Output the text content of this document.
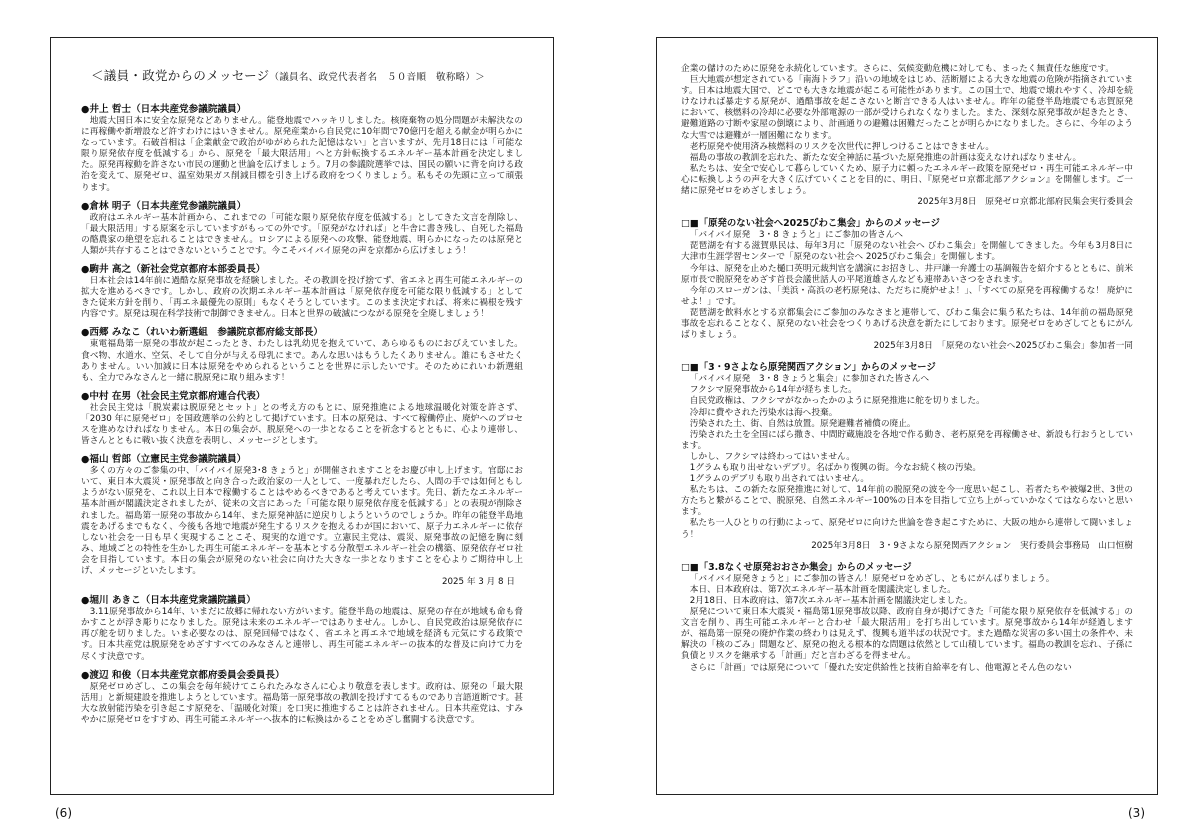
＜議員・政党からのメッセージ（議員名、政党代表者名　５０音順　敬称略）＞
●井上 哲士（日本共産党参議院議員）

地震大国日本に安全な原発などありません。能登地震でハッキリしました。核廃棄物の処分問題が未解決なのに再稼働や新増設など許すわけにはいきません。原発産業から自民党に10年間で70億円を超える献金が明らかになっています。石破首相は「企業献金で政治がゆがめられた記憶はない」と言いますが、先月18日には「可能な限り原発依存度を低減する」から、原発を「最大限活用」へと方針転換するエネルギー基本計画を決定しました。原発再稼動を許さない市民の運動と世論を広げましょう。7月の参議院選挙では、国民の願いに背を向ける政治を変えて、原発ゼロ、温室効果ガス削減目標を引き上げる政府をつくりましょう。私もその先頭に立って頑張ります。

●倉林 明子（日本共産党参議院議員）

政府はエネルギー基本計画から、これまでの「可能な限り原発依存度を低減する」としてきた文言を削除し、「最大限活用」する原案を示していますがもっての外です。「原発がなければ」と牛舎に書き残し、自死した福島の酪農家の絶望を忘れることはできません。ロシアによる原発への攻撃、能登地震、明らかになったのは原発と人類が共存することはできないということです。今こそバイバイ原発の声を京都から広げましょう！

●駒井 高之（新社会党京都府本部委員長）

日本社会は14年前に過酷な原発事故を経験しました。その教訓を投げ捨てず、省エネと再生可能エネルギーの拡大を進めるべきです。しかし、政府の次期エネルギー基本計画は「原発依存度を可能な限り低減する」としてきた従来方針を削り、「再エネ最優先の原則」もなくそうとしています。このまま決定すれば、将来に禍根を残す内容です。原発は現在科学技術で制御できません。日本と世界の破滅につながる原発を全廃しましょう！

●西郷 みなこ（れいわ新選組　参議院京都府総支部長）

東電福島第一原発の事故が起こったとき、わたしは乳幼児を抱えていて、あらゆるものにおびえていました。食べ物、水道水、空気、そして自分が与える母乳にまで。あんな思いはもうしたくありません。誰にもさせたくありません。いい加減に日本は原発をやめられるということを世界に示したいです。そのためにれいわ新選組も、全力でみなさんと一緒に脱原発に取り組みます！

●中村 在男（社会民主党京都府連合代表）

社会民主党は「脱炭素は脱原発とセット」との考え方のもとに、原発推進による地球温暖化対策を許さず、「2030 年に原発ゼロ」を国政選挙の公約として掲げています。日本の原発は、すべて稼働停止、廃炉へのプロセスを進めなければなりません。本日の集会が、脱原発への一歩となることを祈念するとともに、心より連帯し、皆さんとともに戦い抜く決意を表明し、メッセージとします。

●福山 哲郎（立憲民主党参議院議員）

多くの方々のご参集の中、「バイバイ原発3･8 きょうと」が開催されますことをお慶び申し上げます。官邸において、東日本大震災・原発事故と向き合った政治家の一人として、一度暴れだしたら、人間の手では如何ともしようがない原発を、これ以上日本で稼働することはやめるべきであると考えています。先日、新たなエネルギー基本計画が閣議決定されましたが、従来の文言にあった「可能な限り原発依存度を低減する」との表現が削除されました。福島第一原発の事故から14年、また原発神話に逆戻りしようというのでしょうか。昨年の能登半島地震をあげるまでもなく、今後も各地で地震が発生するリスクを抱えるわが国において、原子力エネルギーに依存しない社会を一日も早く実現することこそ、現実的な道です。立憲民主党は、震災、原発事故の記憶を胸に刻み、地域ごとの特性を生かした再生可能エネルギーを基本とする分散型エネルギー社会の構築、原発依存ゼロ社会を目指しています。本日の集会が原発のない社会に向けた大きな一歩となりますことを心よりご期待申し上げ、メッセージといたします。

2025 年 3 月 8 日
●堀川 あきこ（日本共産党衆議院議員）

3.11原発事故から14年、いまだに故郷に帰れない方がいます。能登半島の地震は、原発の存在が地域も命も脅かすことが浮き彫りになりました。原発は未来のエネルギーではありません。しかし、自民党政治は原発依存に再び舵を切りました。いま必要なのは、原発回帰ではなく、省エネと再エネで地域を経済も元気にする政策です。日本共産党は脱原発をめざすすべてのみなさんと連帯し、再生可能エネルギーの抜本的な普及に向けて力を尽くす決意です。

●渡辺 和俊（日本共産党京都府委員会委員長）

原発ゼロめざし、この集会を毎年続けてこられたみなさんに心より敬意を表します。政府は、原発の「最大限活用」と新規建設を推進しようとしています。福島第一原発事故の教訓を投げすてるものであり言語道断です。甚大な放射能汚染を引き起こす原発を、「温暖化対策」を口実に推進することは許されません。日本共産党は、すみやかに原発ゼロをすすめ、再生可能エネルギーへ抜本的に転換はかることをめざし奮闘する決意です。

(6)

企業の儲けのために原発を永続化しています。さらに、気候変動危機に対しても、まったく無責任な態度です。

巨大地震が想定されている「南海トラフ」沿いの地域をはじめ、活断層による大きな地震の危険が指摘されています。日本は地震大国で、どこでも大きな地震が起こる可能性があります。この国土で、地震で壊れやすく、冷却を続けなければ暴走する原発が、過酷事故を起こさないと断言できる人はいません。昨年の能登半島地震でも志賀原発において、核燃料の冷却に必要な外部電源の一部が受けられなくなりました。また、深刻な原発事故が起きたとき、避難道路の寸断や家屋の倒壊により、計画通りの避難は困難だったことが明らかになりました。さらに、今年のような大雪では避難が一層困難になります。

老朽原発や使用済み核燃料のリスクを次世代に押しつけることはできません。

福島の事故の教訓を忘れた、新たな安全神話に基づいた原発推進の計画は変えなければなりません。

私たちは、安全で安心して暮らしていくため、原子力に頼ったエネルギー政策を原発ゼロ・再生可能エネルギー中心に転換しようの声を大きく広げていくことを目的に、明日、『原発ゼロ京都北部アクション』を開催します。ご一緒に原発ゼロをめざしましょう。

2025年3月8日　原発ゼロ京都北部府民集会実行委員会
□■「原発のない社会へ2025びわこ集会」からのメッセージ

「バイバイ原発　3・8 きょうと」にご参加の皆さんへ

琵琶湖を有する滋賀県民は、毎年3月に「原発のない社会へ びわこ集会」を開催してきました。今年も3月8日に大津市生涯学習センターで「原発のない社会へ 2025びわこ集会」を開催します。

今年は、原発を止めた樋口英明元裁判官を講演にお招きし、井戸謙一弁護士の基調報告を紹介するとともに、前米原市長で脱原発をめざす首長会議世話人の平尾道雄さんなども連帯あいさつをされます。

今年のスローガンは、「美浜・高浜の老朽原発は、ただちに廃炉せよ！」、「すべての原発を再稼働するな！ 廃炉にせよ！」です。

琵琶湖を飲料水とする京都集会にご参加のみなさまと連帯して、びわこ集会に集う私たちは、14年前の福島原発事故を忘れることなく、原発のない社会をつくりあげる決意を新たにしております。原発ゼロをめざしてともにがんばりましょう。

2025年3月8日　「原発のない社会へ2025びわこ集会」参加者一同
□■「3・9さよなら原発関西アクション」からのメッセージ

「バイバイ原発　3・8 きょうと集会」に参加された皆さんへ

フクシマ原発事故から14年が経ちました。

自民党政権は、フクシマがなかったかのように原発推進に舵を切りました。

冷却に費やされた汚染水は海へ投棄。

汚染された土、街、自然は放置。原発避難者補償の廃止。

汚染された土を全国にばら撒き、中間貯蔵施設を各地で作る動き、老朽原発を再稼働させ、新設も行おうとしています。

しかし、フクシマは終わってはいません。

1グラムも取り出せないデブリ。名ばかり復興の街。今なお続く核の汚染。

1グラムのデブリも取り出されてはいません。

私たちは、この新たな原発推進に対して、14年前の脱原発の波を今一度思い起こし、若者たちや被爆2世、3世の方たちと繋がることで、脱原発、自然エネルギー100%の日本を目指して立ち上がっていかなくてはならないと思います。

私たち一人ひとりの行動によって、原発ゼロに向けた世論を巻き起こすために、大阪の地から連帯して闘いましょう！

2025年3月8日　3・9さよなら原発関西アクション　実行委員会事務局　山口恒樹
□■「3.8なくせ原発おおさか集会」からのメッセージ

「バイバイ原発きょうと」にご参加の皆さん！原発ゼロをめざし、ともにがんばりましょう。

本日、日本政府は、第7次エネルギー基本計画を閣議決定しました。

2月18日、日本政府は、第7次エネルギー基本計画を閣議決定しました。

原発について東日本大震災・福島第1原発事故以降、政府自身が掲げてきた「可能な限り原発依存を低減する」の文言を削り、再生可能エネルギーと合わせ「最大限活用」を打ち出しています。原発事故から14年が経過しますが、福島第一原発の廃炉作業の終わりは見えず、復興も道半ばの状況です。また過酷な災害の多い国土の条件や、未解決の「核のごみ」問題など、原発の抱える根本的な問題は依然として山積しています。福島の教訓を忘れ、子孫に負債とリスクを継承する「計画」だと言わざるを得ません。

さらに「計画」では原発について「優れた安定供給性と技術自給率を有し、他電源とそん色のない

(3)
